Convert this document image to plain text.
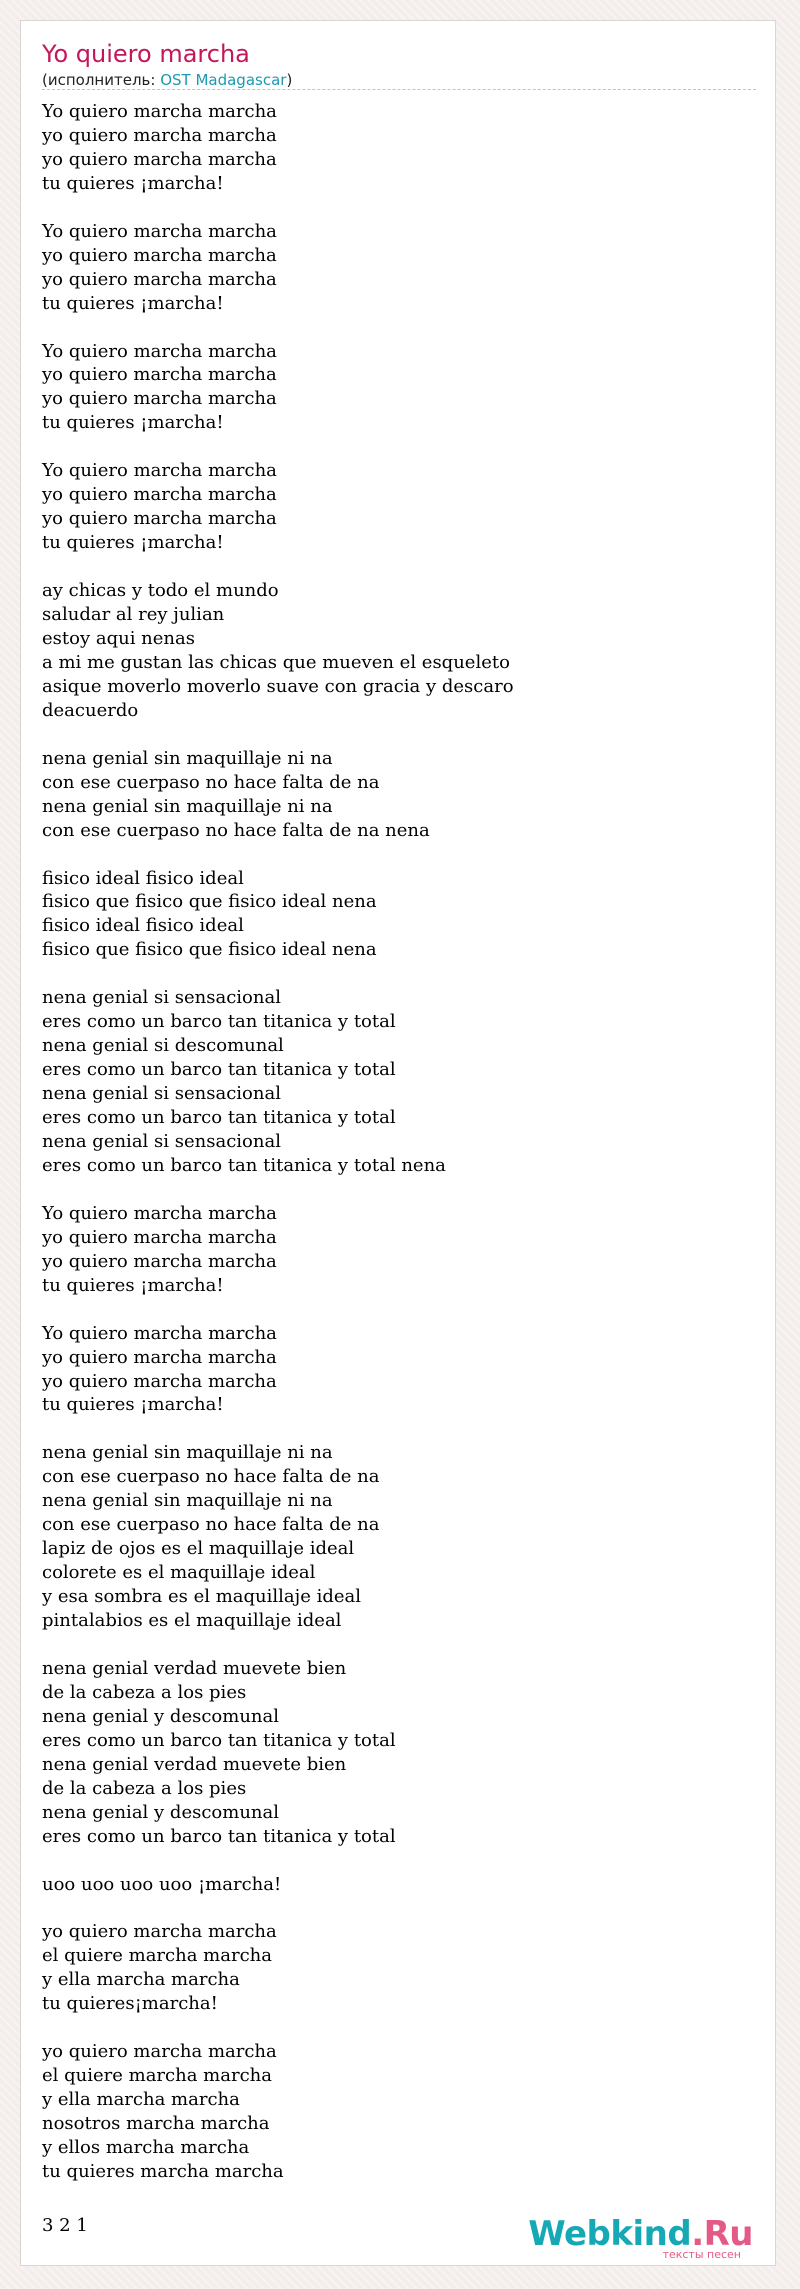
Yo quiero marcha
(исполнитель: OST Madagascar)
Yo quiero marcha marcha
yo quiero marcha marcha
yo quiero marcha marcha
tu quieres ¡marcha!

Yo quiero marcha marcha
yo quiero marcha marcha
yo quiero marcha marcha
tu quieres ¡marcha!

Yo quiero marcha marcha
yo quiero marcha marcha
yo quiero marcha marcha
tu quieres ¡marcha!

Yo quiero marcha marcha
yo quiero marcha marcha
yo quiero marcha marcha
tu quieres ¡marcha!

ay chicas y todo el mundo
saludar al rey julian
estoy aqui nenas
a mi me gustan las chicas que mueven el esqueleto
asique moverlo moverlo suave con gracia y descaro
deacuerdo

nena genial sin maquillaje ni na
con ese cuerpaso no hace falta de na
nena genial sin maquillaje ni na
con ese cuerpaso no hace falta de na nena

fisico ideal fisico ideal
fisico que fisico que fisico ideal nena
fisico ideal fisico ideal
fisico que fisico que fisico ideal nena

nena genial si sensacional
eres como un barco tan titanica y total
nena genial si descomunal
eres como un barco tan titanica y total
nena genial si sensacional
eres como un barco tan titanica y total
nena genial si sensacional
eres como un barco tan titanica y total nena

Yo quiero marcha marcha
yo quiero marcha marcha
yo quiero marcha marcha
tu quieres ¡marcha!

Yo quiero marcha marcha
yo quiero marcha marcha
yo quiero marcha marcha
tu quieres ¡marcha!

nena genial sin maquillaje ni na
con ese cuerpaso no hace falta de na
nena genial sin maquillaje ni na
con ese cuerpaso no hace falta de na
lapiz de ojos es el maquillaje ideal
colorete es el maquillaje ideal
y esa sombra es el maquillaje ideal
pintalabios es el maquillaje ideal

nena genial verdad muevete bien
de la cabeza a los pies
nena genial y descomunal
eres como un barco tan titanica y total
nena genial verdad muevete bien
de la cabeza a los pies
nena genial y descomunal
eres como un barco tan titanica y total

uoo uoo uoo uoo ¡marcha!

yo quiero marcha marcha
el quiere marcha marcha
y ella marcha marcha
tu quieres¡marcha!

yo quiero marcha marcha
el quiere marcha marcha
y ella marcha marcha
nosotros marcha marcha
y ellos marcha marcha
tu quieres marcha marcha
3 2 1	Webkind.Ru
тексты песен
